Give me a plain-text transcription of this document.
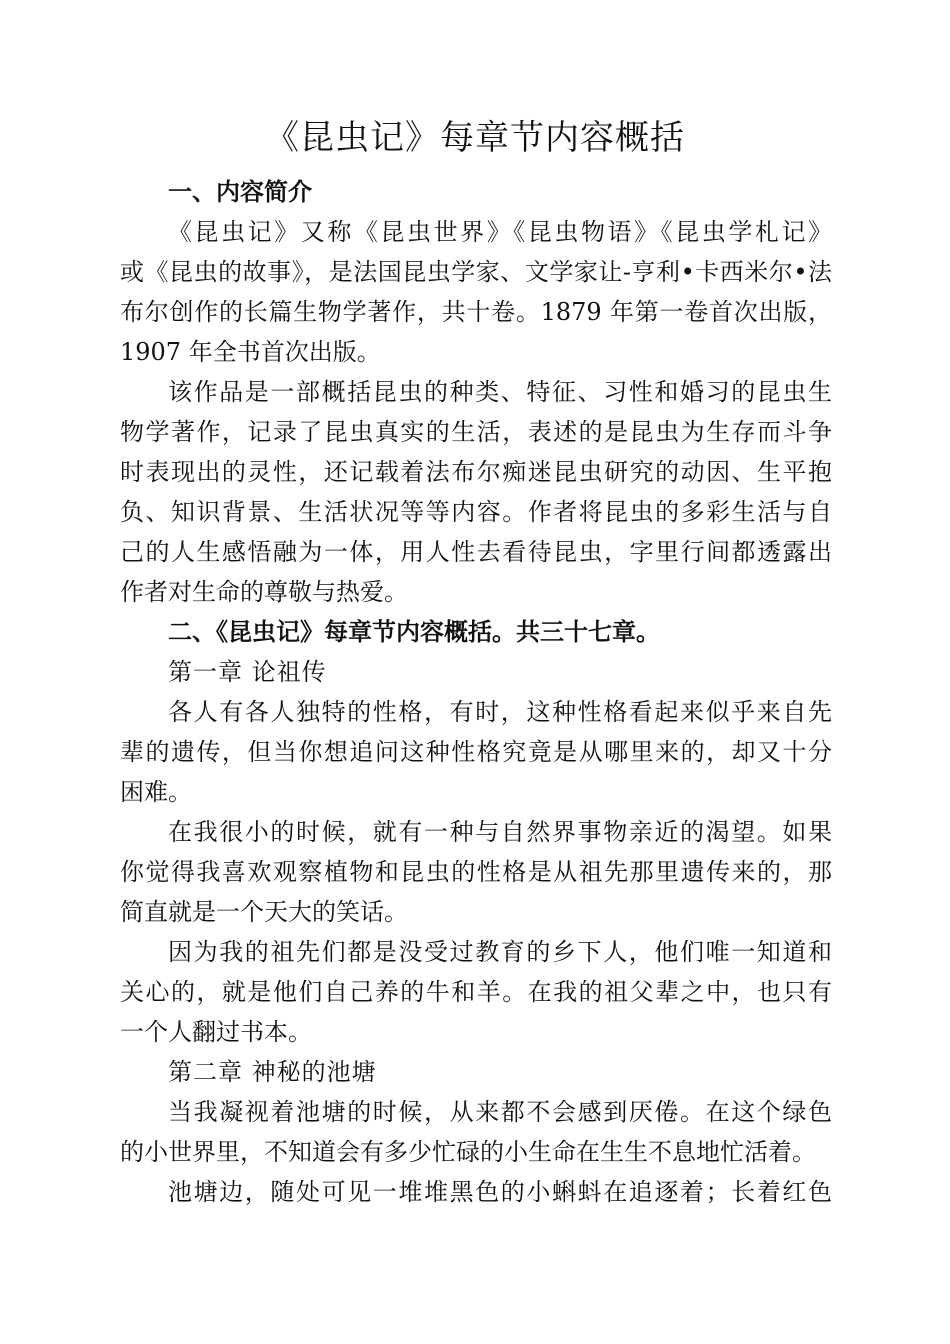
《昆虫记》每章节内容概括
一、内容简介
《昆虫记》又称《昆虫世界》《昆虫物语》《昆虫学札记》
或《昆虫的故事》，是法国昆虫学家、文学家让-亨利•卡西米尔•法
布尔创作的长篇生物学著作，共十卷。1879 年第一卷首次出版，
1907 年全书首次出版。
该作品是一部概括昆虫的种类、特征、习性和婚习的昆虫生
物学著作，记录了昆虫真实的生活，表述的是昆虫为生存而斗争
时表现出的灵性，还记载着法布尔痴迷昆虫研究的动因、生平抱
负、知识背景、生活状况等等内容。作者将昆虫的多彩生活与自
己的人生感悟融为一体，用人性去看待昆虫，字里行间都透露出
作者对生命的尊敬与热爱。
二、《昆虫记》每章节内容概括。共三十七章。
第一章 论祖传
各人有各人独特的性格，有时，这种性格看起来似乎来自先
辈的遗传，但当你想追问这种性格究竟是从哪里来的，却又十分
困难。
在我很小的时候，就有一种与自然界事物亲近的渴望。如果
你觉得我喜欢观察植物和昆虫的性格是从祖先那里遗传来的，那
简直就是一个天大的笑话。
因为我的祖先们都是没受过教育的乡下人，他们唯一知道和
关心的，就是他们自己养的牛和羊。在我的祖父辈之中，也只有
一个人翻过书本。
第二章 神秘的池塘
当我凝视着池塘的时候，从来都不会感到厌倦。在这个绿色
的小世界里，不知道会有多少忙碌的小生命在生生不息地忙活着。
池塘边，随处可见一堆堆黑色的小蝌蚪在追逐着；长着红色
